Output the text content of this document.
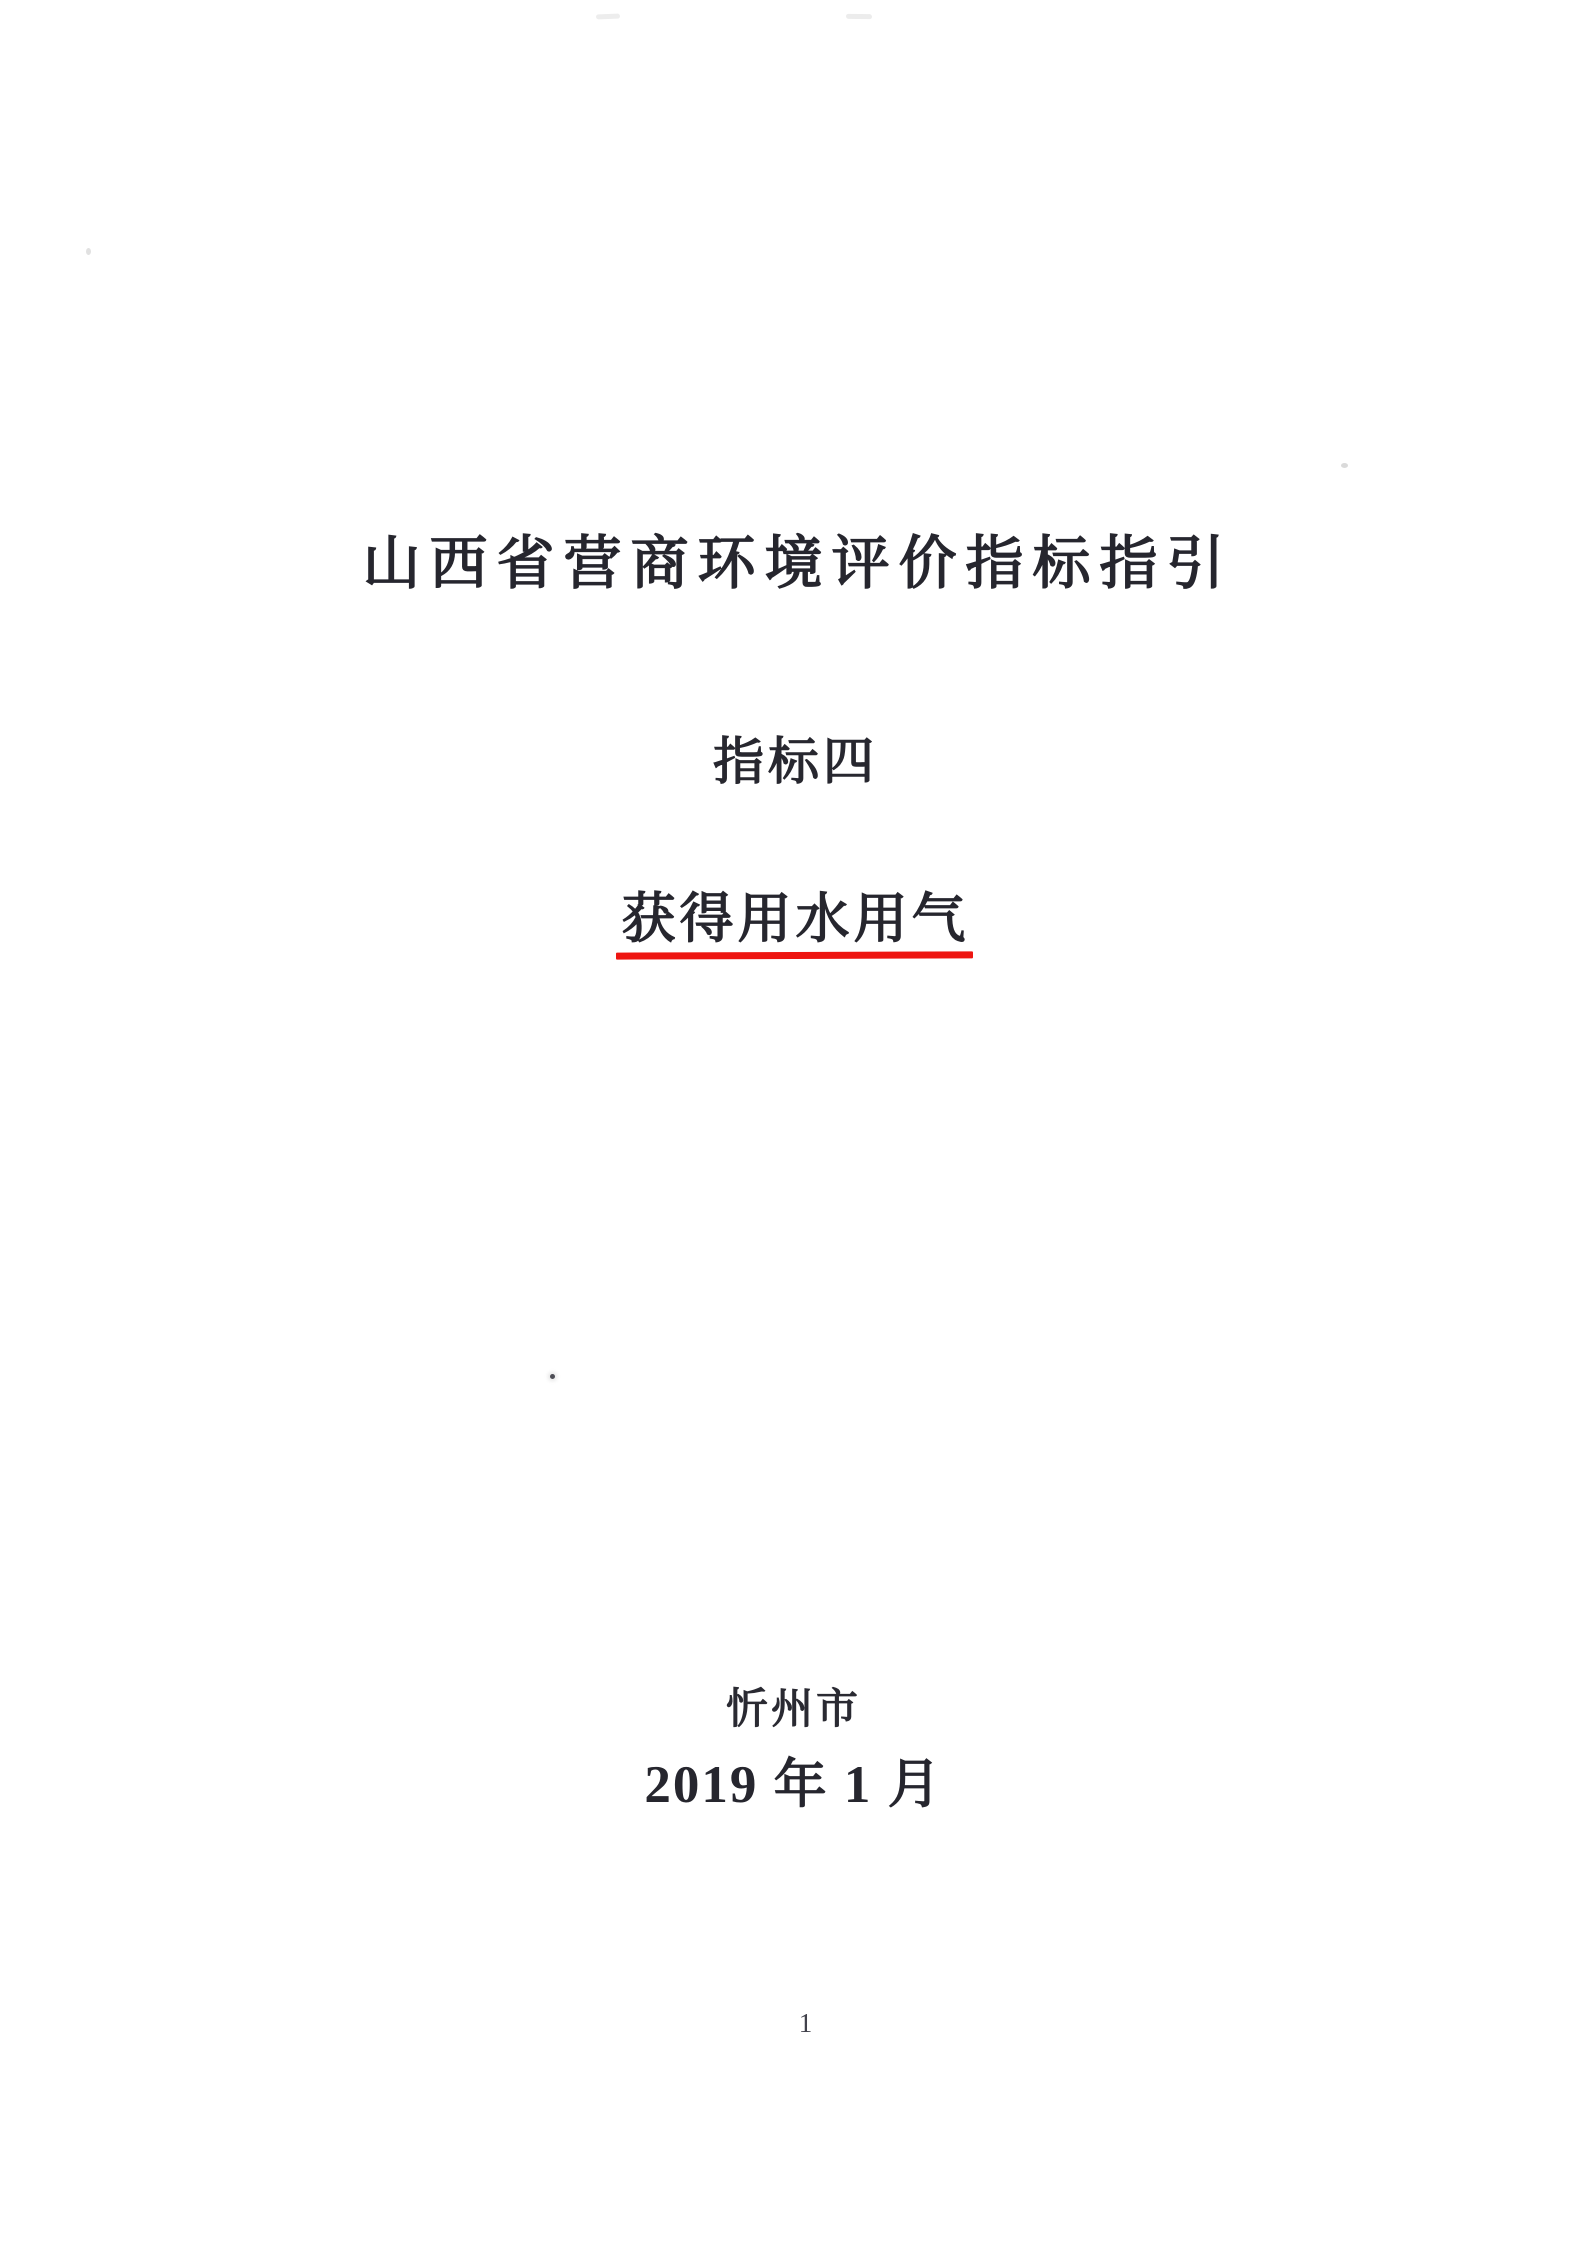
山西省营商环境评价指标指引
指标四
获得用水用气
忻州市
2019 年 1 月
1
